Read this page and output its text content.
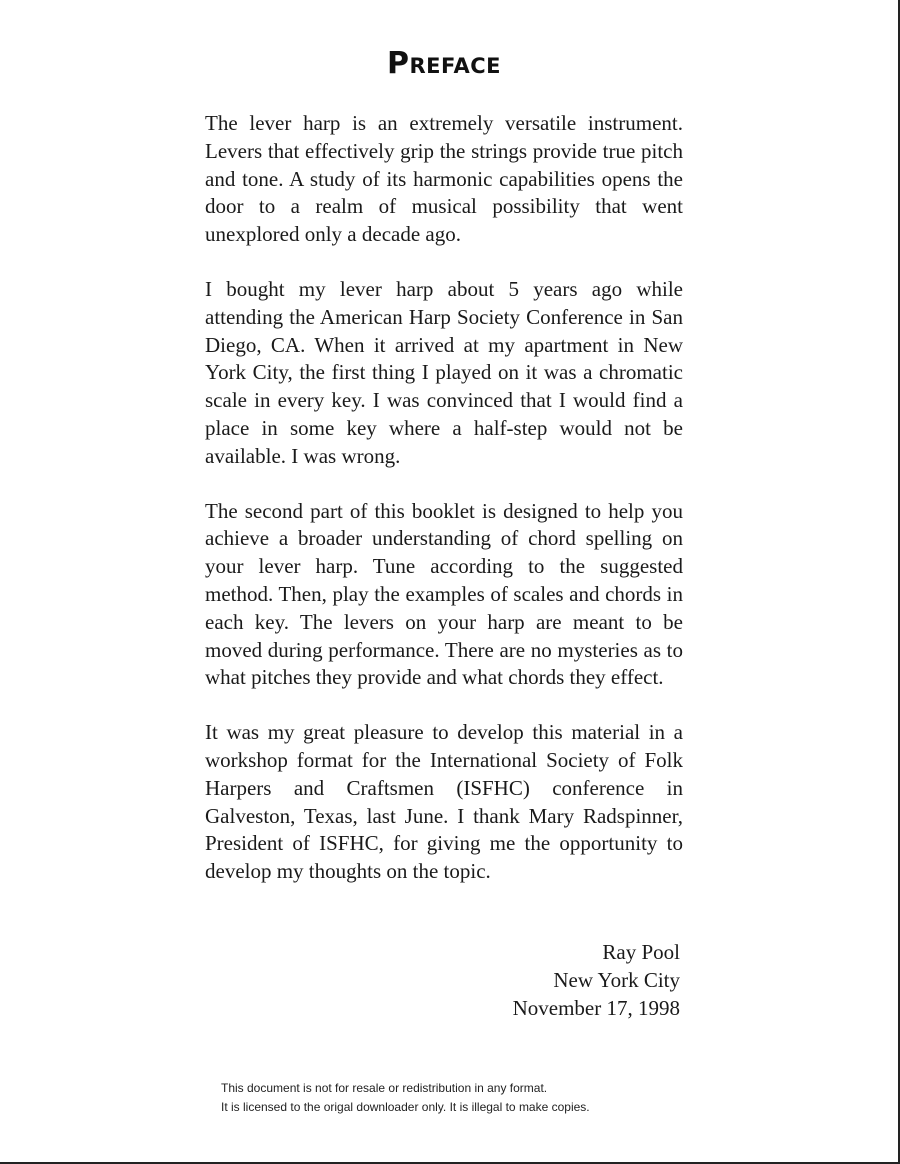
Preface

The lever harp is an extremely versatile instrument. Levers that effectively grip the strings provide true pitch and tone. A study of its harmonic capabilities opens the door to a realm of musical possibility that went unexplored only a decade ago.

I bought my lever harp about 5 years ago while attending the American Harp Society Conference in San Diego, CA. When it arrived at my apartment in New York City, the first thing I played on it was a chromatic scale in every key. I was convinced that I would find a place in some key where a half-step would not be available. I was wrong.

The second part of this booklet is designed to help you achieve a broader understanding of chord spelling on your lever harp. Tune according to the suggested method. Then, play the examples of scales and chords in each key. The levers on your harp are meant to be moved during performance. There are no mysteries as to what pitches they provide and what chords they effect.

It was my great pleasure to develop this material in a workshop format for the International Society of Folk Harpers and Craftsmen (ISFHC) conference in Galveston, Texas, last June. I thank Mary Radspinner, President of ISFHC, for giving me the opportunity to develop my thoughts on the topic.

Ray Pool
New York City
November 17, 1998
This document is not for resale or redistribution in any format.
It is licensed to the origal downloader only. It is illegal to make copies.
